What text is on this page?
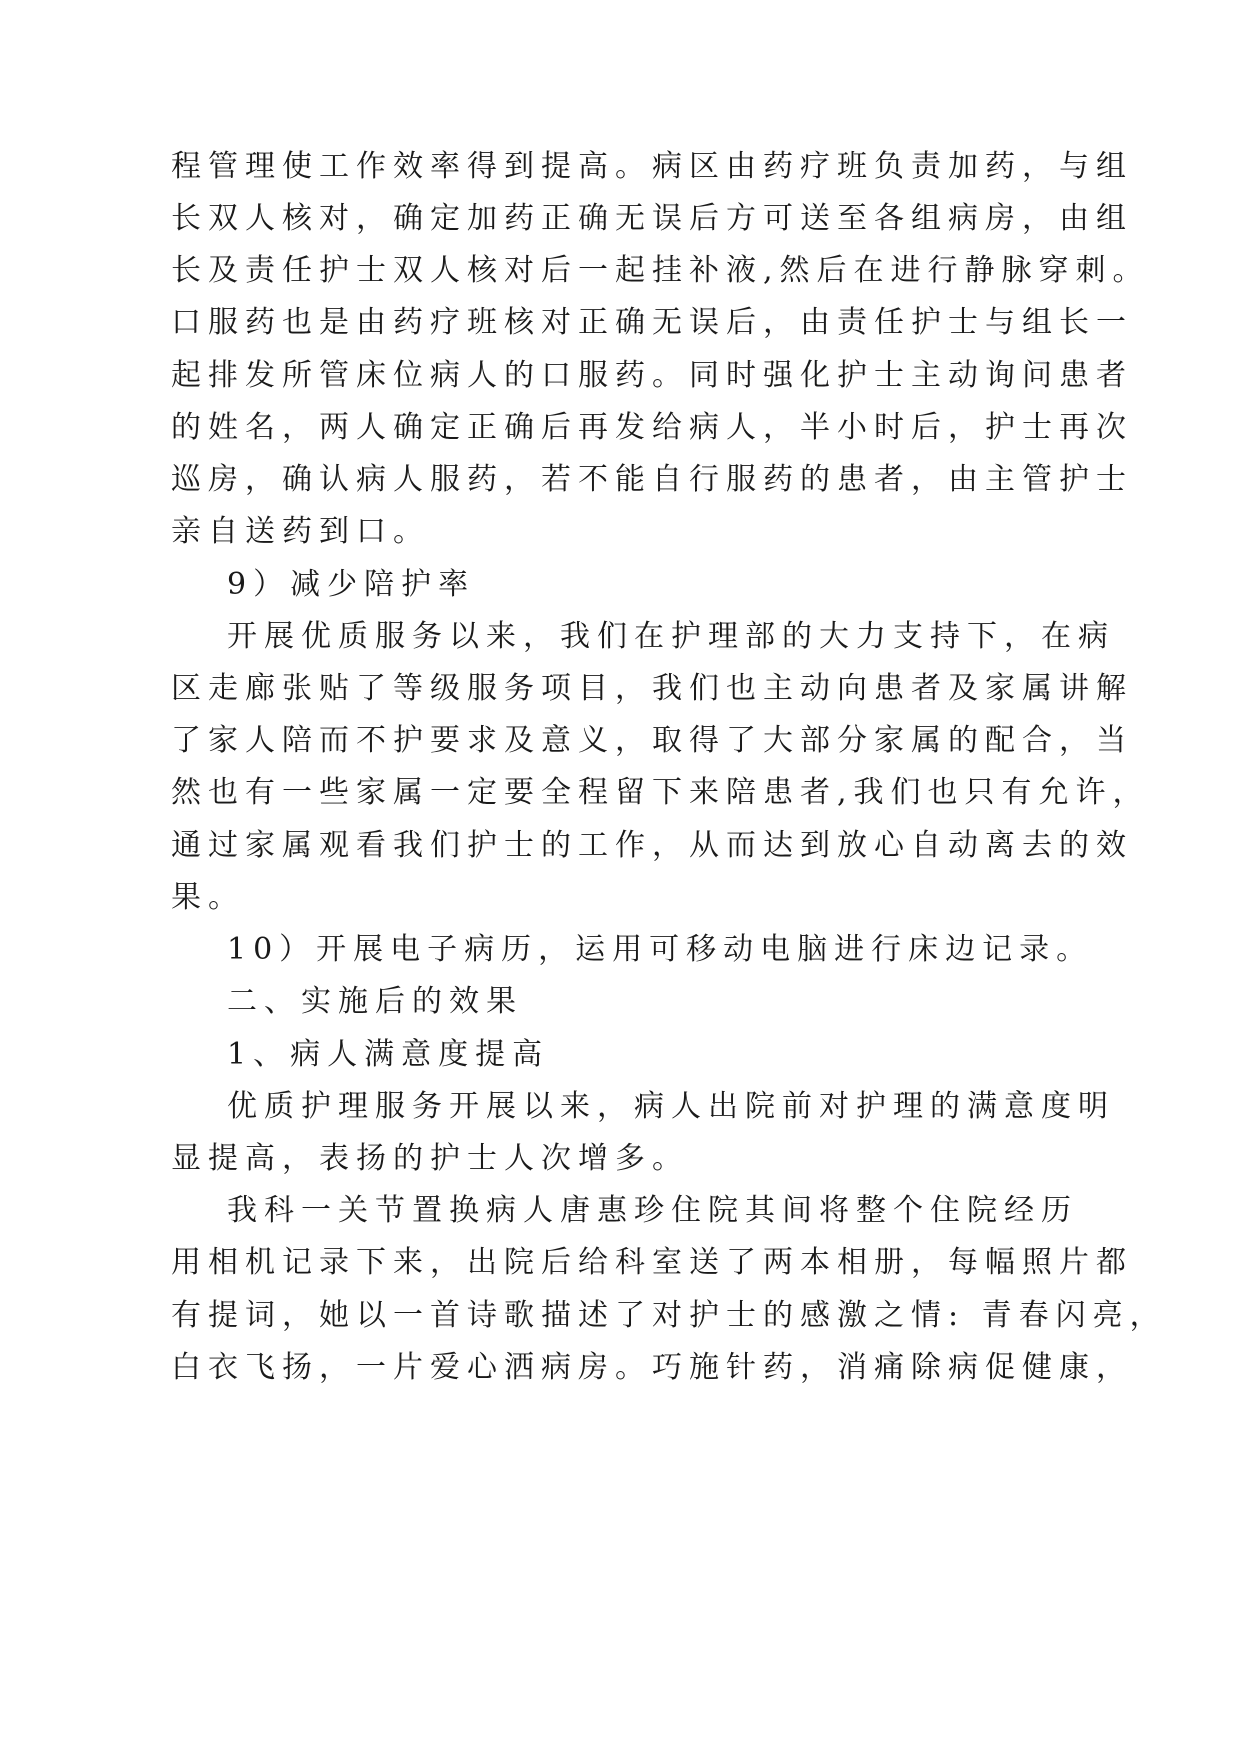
程管理使工作效率得到提高。病区由药疗班负责加药，与组

长双人核对，确定加药正确无误后方可送至各组病房，由组

长及责任护士双人核对后一起挂补液,然后在进行静脉穿刺。

口服药也是由药疗班核对正确无误后，由责任护士与组长一

起排发所管床位病人的口服药。同时强化护士主动询问患者

的姓名，两人确定正确后再发给病人，半小时后，护士再次

巡房，确认病人服药，若不能自行服药的患者，由主管护士

亲自送药到口。

9）减少陪护率

开展优质服务以来，我们在护理部的大力支持下，在病

区走廊张贴了等级服务项目，我们也主动向患者及家属讲解

了家人陪而不护要求及意义，取得了大部分家属的配合，当

然也有一些家属一定要全程留下来陪患者,我们也只有允许，

通过家属观看我们护士的工作，从而达到放心自动离去的效

果。

10）开展电子病历，运用可移动电脑进行床边记录。

二、实施后的效果

1、病人满意度提高

优质护理服务开展以来，病人出院前对护理的满意度明

显提高，表扬的护士人次增多。

我科一关节置换病人唐惠珍住院其间将整个住院经历

用相机记录下来，出院后给科室送了两本相册，每幅照片都

有提词，她以一首诗歌描述了对护士的感激之情: 青春闪亮，

白衣飞扬，一片爱心洒病房。巧施针药，消痛除病促健康，
